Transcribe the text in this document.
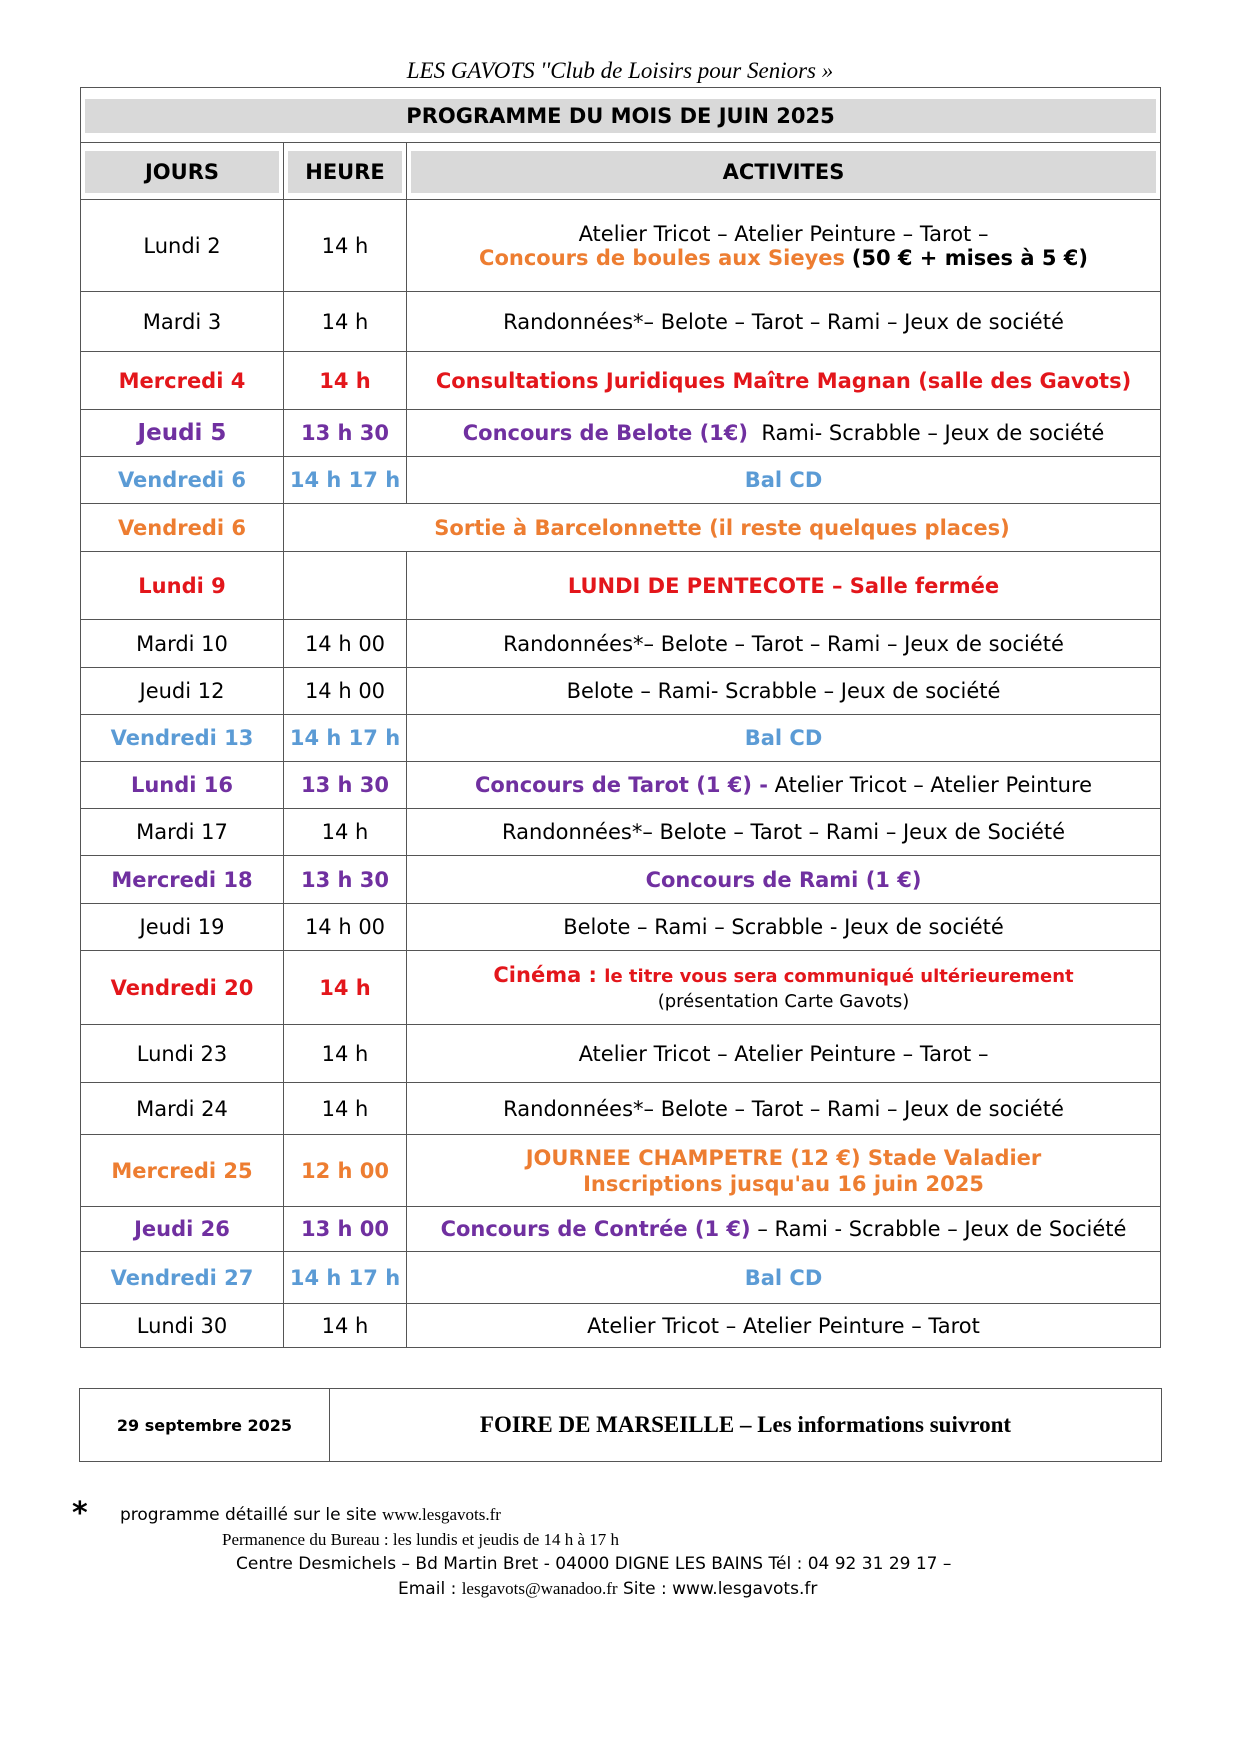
LES GAVOTS ''Club de Loisirs pour Seniors »
PROGRAMME DU MOIS DE JUIN 2025		

JOURS	HEURE	ACTIVITES

Lundi 2	14 h	Atelier Tricot – Atelier Peinture – Tarot –
Concours de boules aux Sieyes (50 € + mises à 5 €)

Mardi 3	14 h	Randonnées*– Belote – Tarot – Rami – Jeux de société
Mercredi 4	14 h	Consultations Juridiques Maître Magnan (salle des Gavots)
Jeudi 5	13 h 30	Concours de Belote (1€) Rami- Scrabble – Jeux de société
Vendredi 6	14 h 17 h	Bal CD
Vendredi 6	Sortie à Barcelonnette (il reste quelques places)	
Lundi 9		LUNDI DE PENTECOTE – Salle fermée
Mardi 10	14 h 00	Randonnées*– Belote – Tarot – Rami – Jeux de société
Jeudi 12	14 h 00	Belote – Rami- Scrabble – Jeux de société
Vendredi 13	14 h 17 h	Bal CD
Lundi 16	13 h 30	Concours de Tarot (1 €) - Atelier Tricot – Atelier Peinture
Mardi 17	14 h	Randonnées*– Belote – Tarot – Rami – Jeux de Société
Mercredi 18	13 h 30	Concours de Rami (1 €)
Jeudi 19	14 h 00	Belote – Rami – Scrabble - Jeux de société
Vendredi 20	14 h	Cinéma : le titre vous sera communiqué ultérieurement
(présentation Carte Gavots)

Lundi 23	14 h	Atelier Tricot – Atelier Peinture – Tarot –
Mardi 24	14 h	Randonnées*– Belote – Tarot – Rami – Jeux de société
Mercredi 25	12 h 00	JOURNEE CHAMPETRE (12 €) Stade Valadier
Inscriptions jusqu'au 16 juin 2025

Jeudi 26	13 h 00	Concours de Contrée (1 €) – Rami - Scrabble – Jeux de Société
Vendredi 27	14 h 17 h	Bal CD
Lundi 30	14 h	Atelier Tricot – Atelier Peinture – Tarot
29 septembre 2025	FOIRE DE MARSEILLE – Les informations suivront
* programme détaillé sur le site www.lesgavots.fr
Permanence du Bureau : les lundis et jeudis de 14 h à 17 h
Centre Desmichels – Bd Martin Bret - 04000 DIGNE LES BAINS Tél : 04 92 31 29 17 –
Email : lesgavots@wanadoo.fr Site : www.lesgavots.fr
